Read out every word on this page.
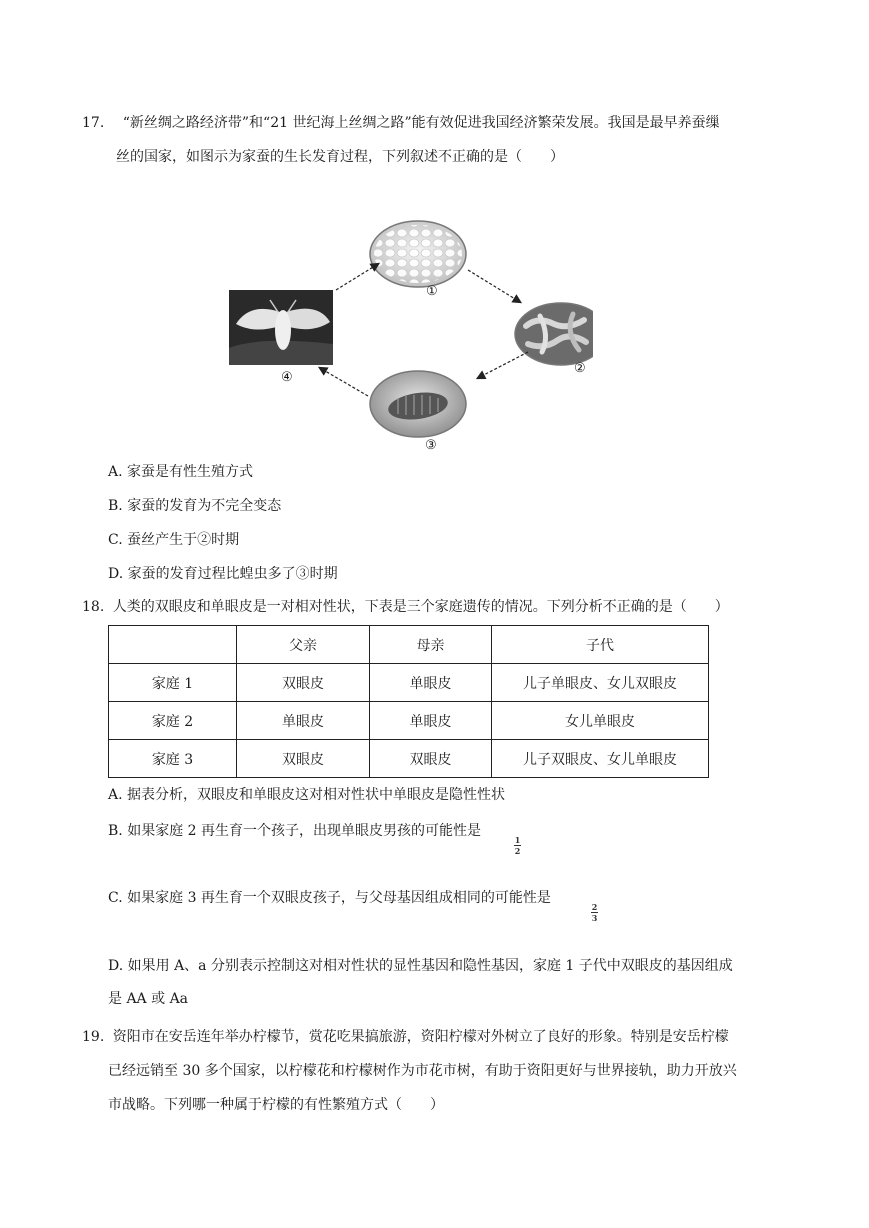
17. “新丝绸之路经济带”和“21 世纪海上丝绸之路”能有效促进我国经济繁荣发展。我国是最早养蚕缫
丝的国家，如图示为家蚕的生长发育过程，下列叙述不正确的是（　　）
①
②
③
④
A. 家蚕是有性生殖方式
B. 家蚕的发育为不完全变态
C. 蚕丝产生于②时期
D. 家蚕的发育过程比蝗虫多了③时期
18. 人类的双眼皮和单眼皮是一对相对性状，下表是三个家庭遗传的情况。下列分析不正确的是（　　）
	父亲	母亲	子代
家庭 1	双眼皮	单眼皮	儿子单眼皮、女儿双眼皮
家庭 2	单眼皮	单眼皮	女儿单眼皮
家庭 3	双眼皮	双眼皮	儿子双眼皮、女儿单眼皮
A. 据表分析，双眼皮和单眼皮这对相对性状中单眼皮是隐性性状
B. 如果家庭 2 再生育一个孩子，出现单眼皮男孩的可能性是
1
2
C. 如果家庭 3 再生育一个双眼皮孩子，与父母基因组成相同的可能性是
2
3
D. 如果用 A、a 分别表示控制这对相对性状的显性基因和隐性基因，家庭 1 子代中双眼皮的基因组成
是 AA 或 Aa
19. 资阳市在安岳连年举办柠檬节，赏花吃果搞旅游，资阳柠檬对外树立了良好的形象。特别是安岳柠檬
已经远销至 30 多个国家，以柠檬花和柠檬树作为市花市树，有助于资阳更好与世界接轨，助力开放兴
市战略。下列哪一种属于柠檬的有性繁殖方式（　　）
